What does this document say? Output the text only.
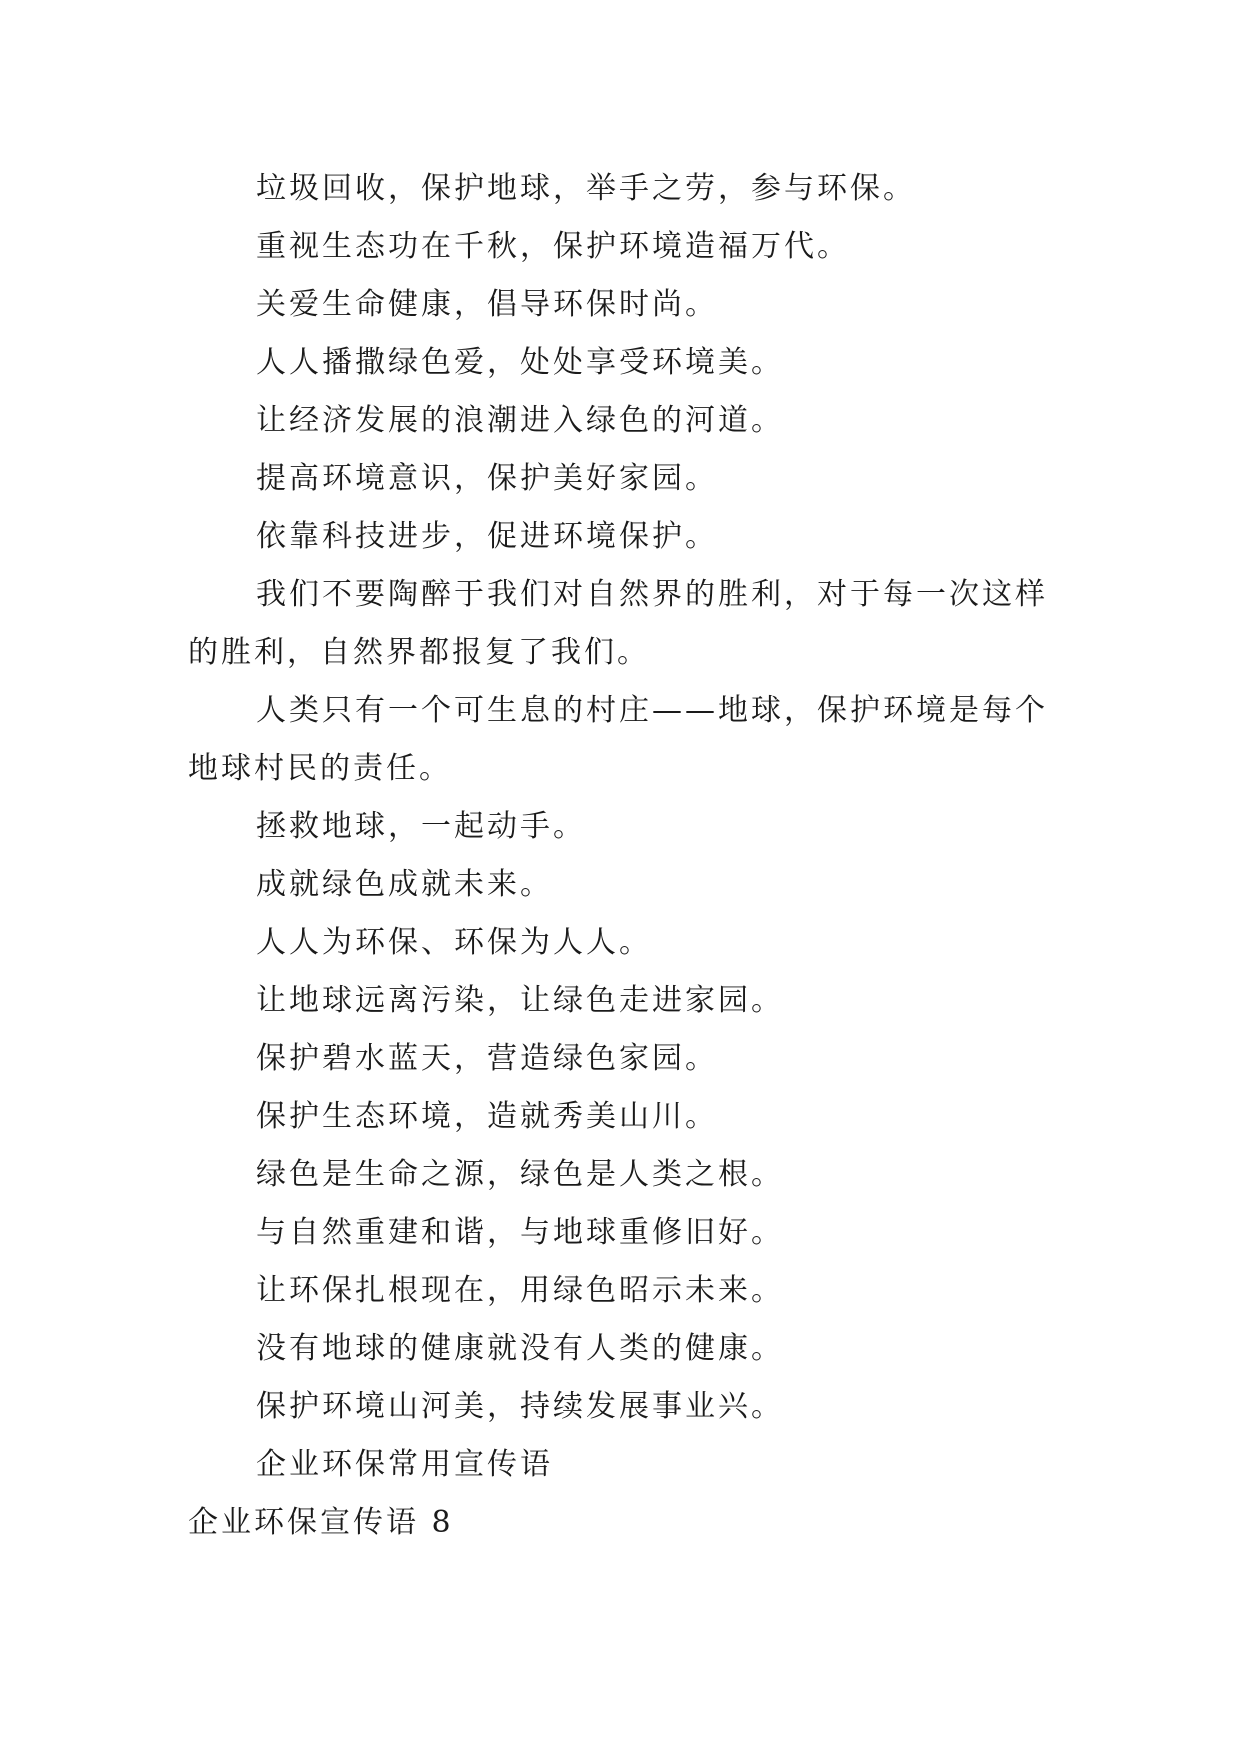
垃圾回收，保护地球，举手之劳，参与环保。

重视生态功在千秋，保护环境造福万代。

关爱生命健康，倡导环保时尚。

人人播撒绿色爱，处处享受环境美。

让经济发展的浪潮进入绿色的河道。

提高环境意识，保护美好家园。

依靠科技进步，促进环境保护。

我们不要陶醉于我们对自然界的胜利，对于每一次这样的胜利，自然界都报复了我们。

人类只有一个可生息的村庄——地球，保护环境是每个地球村民的责任。

拯救地球，一起动手。

成就绿色成就未来。

人人为环保、环保为人人。

让地球远离污染，让绿色走进家园。

保护碧水蓝天，营造绿色家园。

保护生态环境，造就秀美山川。

绿色是生命之源，绿色是人类之根。

与自然重建和谐，与地球重修旧好。

让环保扎根现在，用绿色昭示未来。

没有地球的健康就没有人类的健康。

保护环境山河美，持续发展事业兴。

企业环保常用宣传语

企业环保宣传语 8
